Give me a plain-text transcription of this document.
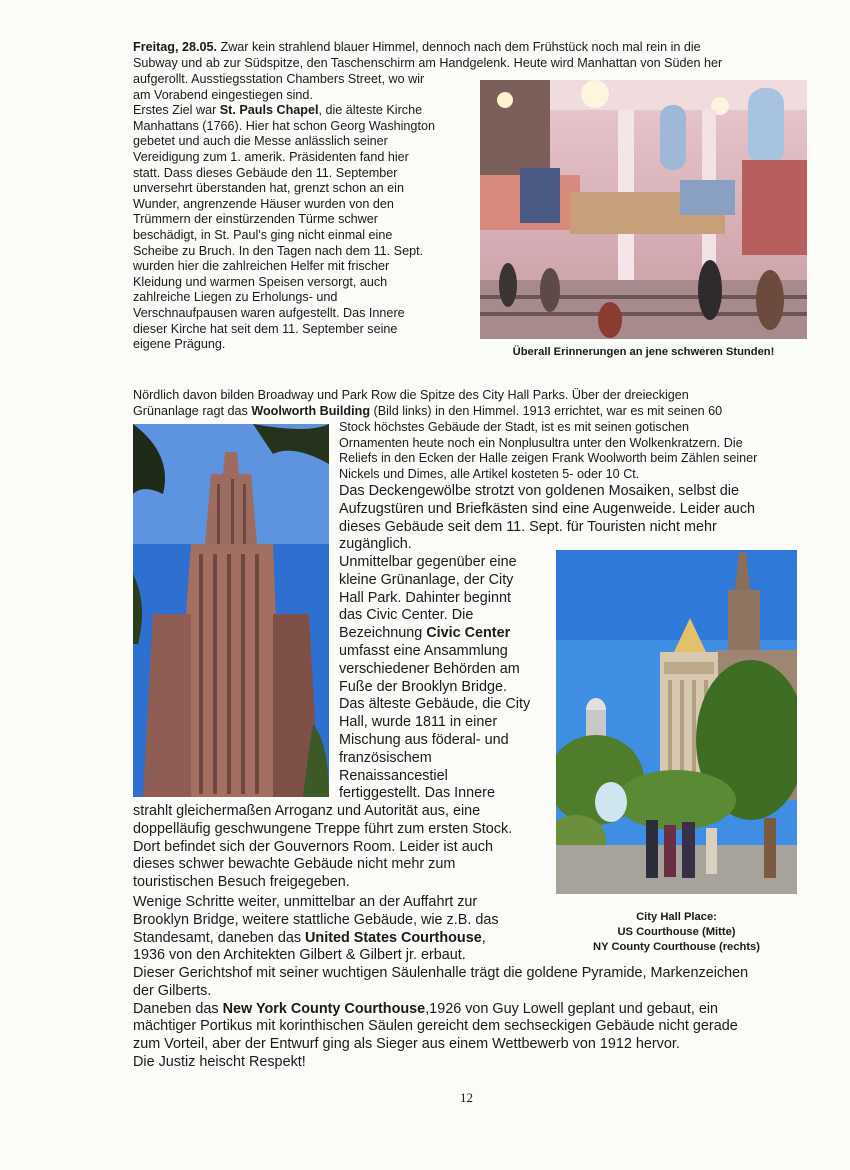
Freitag, 28.05. Zwar kein strahlend blauer Himmel, dennoch nach dem Frühstück noch mal rein in die
Subway und ab zur Südspitze, den Taschenschirm am Handgelenk. Heute wird Manhattan von Süden her
aufgerollt. Ausstiegsstation Chambers Street, wo wir
am Vorabend eingestiegen sind.
Erstes Ziel war St. Pauls Chapel, die älteste Kirche
Manhattans (1766). Hier hat schon Georg Washington
gebetet und auch die Messe anlässlich seiner
Vereidigung zum 1. amerik. Präsidenten fand hier
statt. Dass dieses Gebäude den 11. September
unversehrt überstanden hat, grenzt schon an ein
Wunder, angrenzende Häuser wurden von den
Trümmern der einstürzenden Türme schwer
beschädigt, in St. Paul's ging nicht einmal eine
Scheibe zu Bruch. In den Tagen nach dem 11. Sept.
wurden hier die zahlreichen Helfer mit frischer
Kleidung und warmen Speisen versorgt, auch
zahlreiche Liegen zu Erholungs- und
Verschnaufpausen waren aufgestellt. Das Innere
dieser Kirche hat seit dem 11. September seine
eigene Prägung.
Überall Erinnerungen an jene schweren Stunden!
Nördlich davon bilden Broadway und Park Row die Spitze des City Hall Parks. Über der dreieckigen
Grünanlage ragt das Woolworth Building (Bild links) in den Himmel. 1913 errichtet, war es mit seinen 60
Stock höchstes Gebäude der Stadt, ist es mit seinen gotischen
Ornamenten heute noch ein Nonplusultra unter den Wolkenkratzern. Die
Reliefs in den Ecken der Halle zeigen Frank Woolworth beim Zählen seiner
Nickels und Dimes, alle Artikel kosteten 5- oder 10 Ct.
Das Deckengewölbe strotzt von goldenen Mosaiken, selbst die
Aufzugstüren und Briefkästen sind eine Augenweide. Leider auch
dieses Gebäude seit dem 11. Sept. für Touristen nicht mehr
zugänglich.
Unmittelbar gegenüber eine
kleine Grünanlage, der City
Hall Park. Dahinter beginnt
das Civic Center. Die
Bezeichnung Civic Center
umfasst eine Ansammlung
verschiedener Behörden am
Fuße der Brooklyn Bridge.
Das älteste Gebäude, die City
Hall, wurde 1811 in einer
Mischung aus föderal- und
französischem
Renaissancestiel
fertiggestellt. Das Innere
strahlt gleichermaßen Arroganz und Autorität aus, eine
doppelläufig geschwungene Treppe führt zum ersten Stock.
Dort befindet sich der Gouvernors Room. Leider ist auch
dieses schwer bewachte Gebäude nicht mehr zum
touristischen Besuch freigegeben.
City Hall Place:
US Courthouse (Mitte)
NY County Courthouse (rechts)
Wenige Schritte weiter, unmittelbar an der Auffahrt zur
Brooklyn Bridge, weitere stattliche Gebäude, wie z.B. das
Standesamt, daneben das United States Courthouse,
1936 von den Architekten Gilbert & Gilbert jr. erbaut.
Dieser Gerichtshof mit seiner wuchtigen Säulenhalle trägt die goldene Pyramide, Markenzeichen
der Gilberts.
Daneben das New York County Courthouse,1926 von Guy Lowell geplant und gebaut, ein
mächtiger Portikus mit korinthischen Säulen gereicht dem sechseckigen Gebäude nicht gerade
zum Vorteil, aber der Entwurf ging als Sieger aus einem Wettbewerb von 1912 hervor.
Die Justiz heischt Respekt!
12
